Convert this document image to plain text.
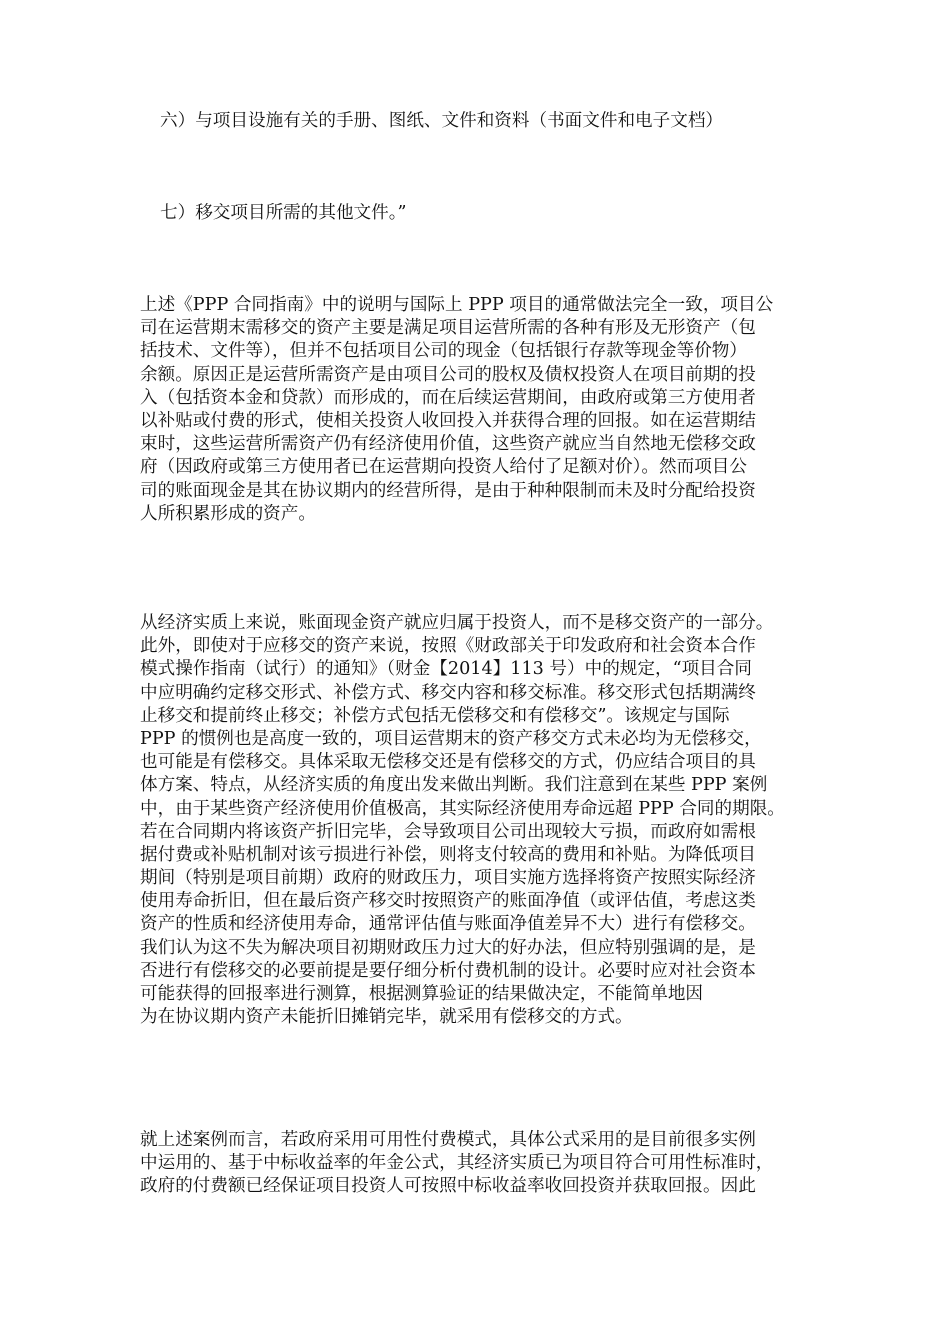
六）与项目设施有关的手册、图纸、文件和资料（书面文件和电子文档）
七）移交项目所需的其他文件。”
上述《PPP 合同指南》中的说明与国际上 PPP 项目的通常做法完全一致，项目公
司在运营期末需移交的资产主要是满足项目运营所需的各种有形及无形资产（包
括技术、文件等），但并不包括项目公司的现金（包括银行存款等现金等价物）
余额。原因正是运营所需资产是由项目公司的股权及债权投资人在项目前期的投
入（包括资本金和贷款）而形成的，而在后续运营期间，由政府或第三方使用者
以补贴或付费的形式，使相关投资人收回投入并获得合理的回报。如在运营期结
束时，这些运营所需资产仍有经济使用价值，这些资产就应当自然地无偿移交政
府（因政府或第三方使用者已在运营期向投资人给付了足额对价）。然而项目公
司的账面现金是其在协议期内的经营所得，是由于种种限制而未及时分配给投资
人所积累形成的资产。
从经济实质上来说，账面现金资产就应归属于投资人，而不是移交资产的一部分。
此外，即使对于应移交的资产来说，按照《财政部关于印发政府和社会资本合作
模式操作指南（试行）的通知》（财金【2014】113 号）中的规定，“项目合同
中应明确约定移交形式、补偿方式、移交内容和移交标准。移交形式包括期满终
止移交和提前终止移交；补偿方式包括无偿移交和有偿移交”。该规定与国际
PPP 的惯例也是高度一致的，项目运营期末的资产移交方式未必均为无偿移交，
也可能是有偿移交。具体采取无偿移交还是有偿移交的方式，仍应结合项目的具
体方案、特点，从经济实质的角度出发来做出判断。我们注意到在某些 PPP 案例
中，由于某些资产经济使用价值极高，其实际经济使用寿命远超 PPP 合同的期限。
若在合同期内将该资产折旧完毕，会导致项目公司出现较大亏损，而政府如需根
据付费或补贴机制对该亏损进行补偿，则将支付较高的费用和补贴。为降低项目
期间（特别是项目前期）政府的财政压力，项目实施方选择将资产按照实际经济
使用寿命折旧，但在最后资产移交时按照资产的账面净值（或评估值，考虑这类
资产的性质和经济使用寿命，通常评估值与账面净值差异不大）进行有偿移交。
我们认为这不失为解决项目初期财政压力过大的好办法，但应特别强调的是，是
否进行有偿移交的必要前提是要仔细分析付费机制的设计。必要时应对社会资本
可能获得的回报率进行测算，根据测算验证的结果做决定，不能简单地因
为在协议期内资产未能折旧摊销完毕，就采用有偿移交的方式。
就上述案例而言，若政府采用可用性付费模式，具体公式采用的是目前很多实例
中运用的、基于中标收益率的年金公式，其经济实质已为项目符合可用性标准时，
政府的付费额已经保证项目投资人可按照中标收益率收回投资并获取回报。因此
